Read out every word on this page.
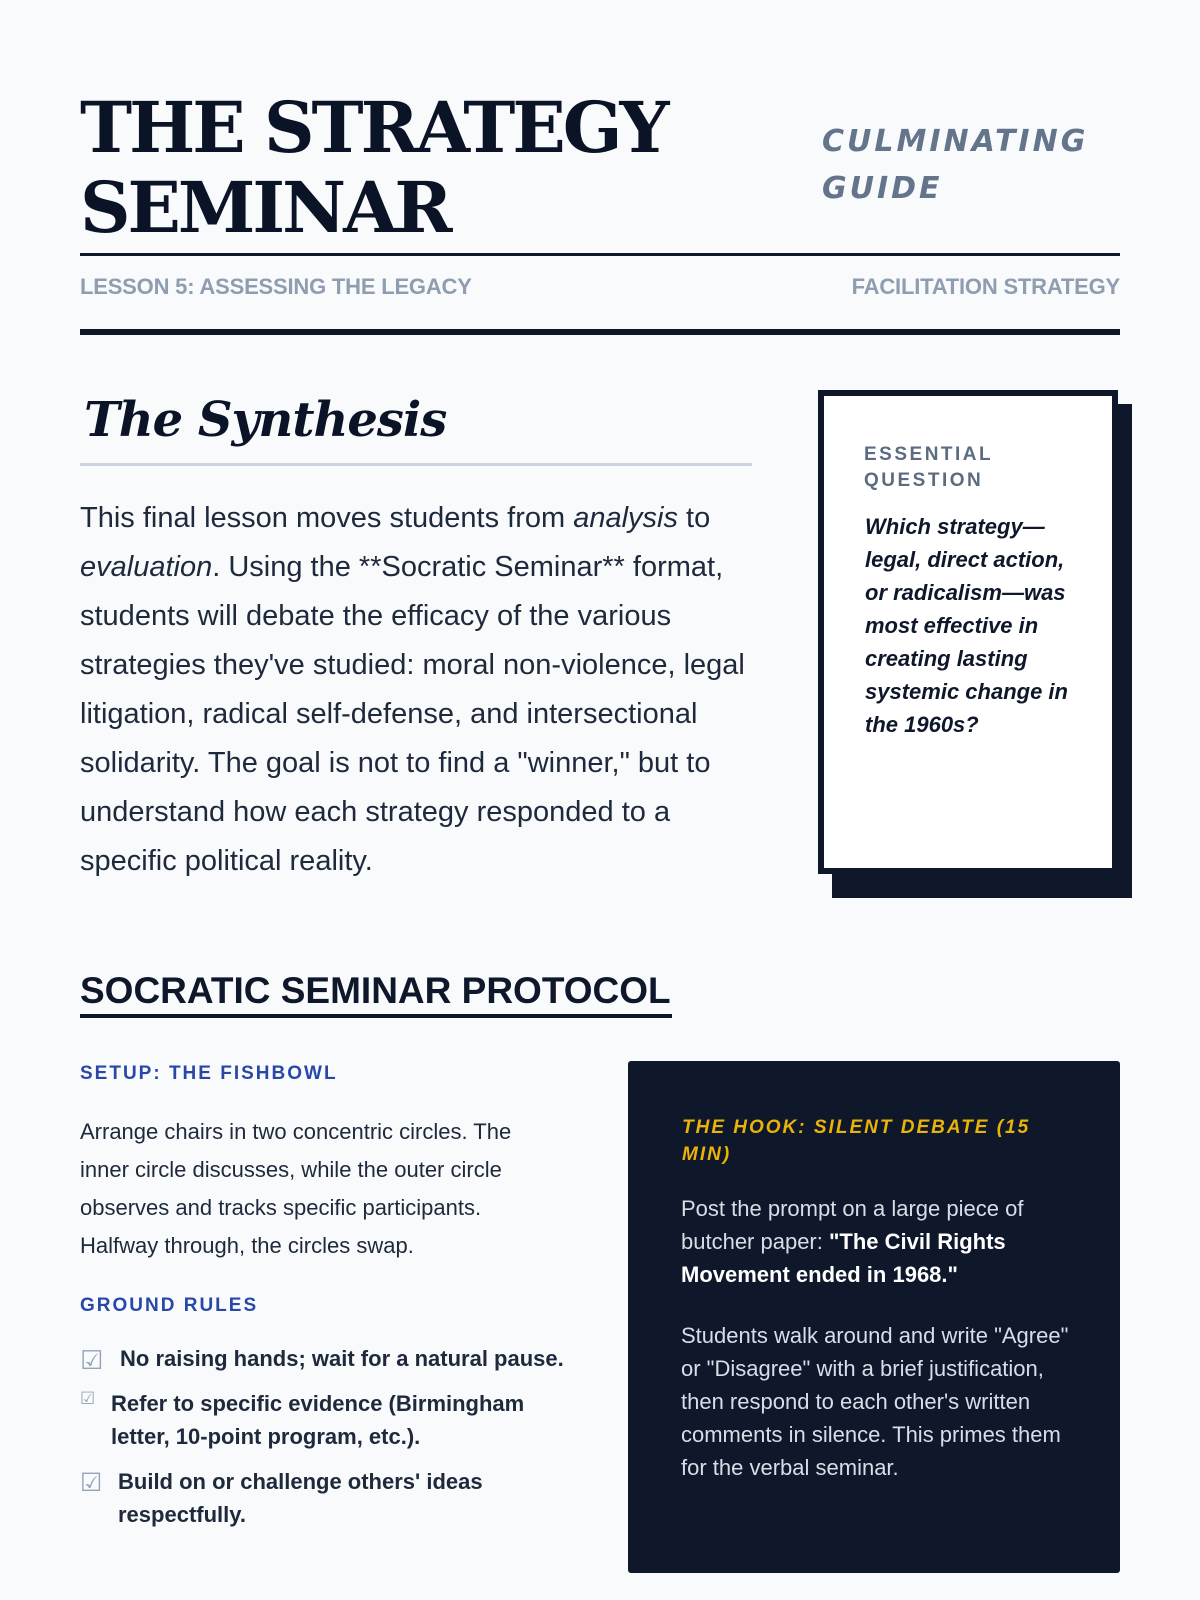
THE STRATEGY
SEMINAR
CULMINATING
GUIDE
LESSON 5: ASSESSING THE LEGACY	FACILITATION STRATEGY
The Synthesis

This final lesson moves students from analysis to evaluation. Using the **Socratic Seminar** format, students will debate the efficacy of the various strategies they've studied: moral non-violence, legal litigation, radical self-defense, and intersectional solidarity. The goal is not to find a "winner," but to understand how each strategy responded to a specific political reality.

ESSENTIAL QUESTION
Which strategy—legal, direct action, or radicalism—was most effective in creating lasting systemic change in the 1960s?
SOCRATIC SEMINAR PROTOCOL
SETUP: THE FISHBOWL

Arrange chairs in two concentric circles. The inner circle discusses, while the outer circle observes and tracks specific participants. Halfway through, the circles swap.

GROUND RULES
☑ No raising hands; wait for a natural pause.
☑ Refer to specific evidence (Birmingham letter, 10-point program, etc.).
☑ Build on or challenge others' ideas respectfully.
THE HOOK: SILENT DEBATE (15 MIN)

Post the prompt on a large piece of butcher paper: "The Civil Rights Movement ended in 1968."

Students walk around and write "Agree" or "Disagree" with a brief justification, then respond to each other's written comments in silence. This primes them for the verbal seminar.
